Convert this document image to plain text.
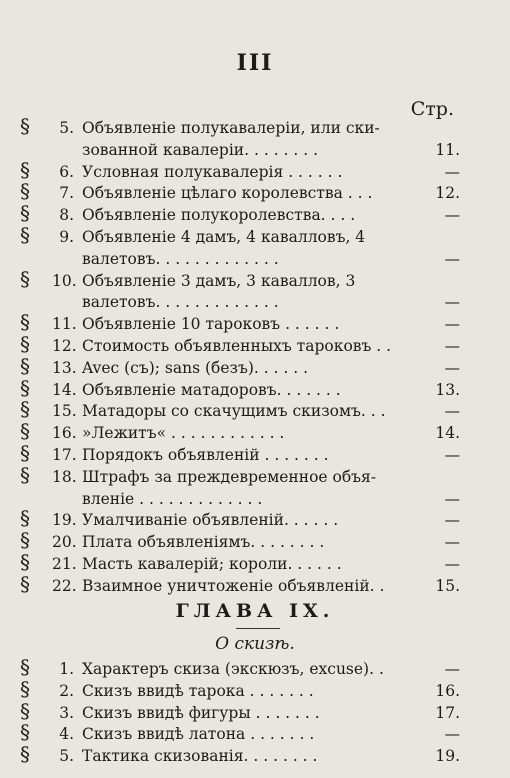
III
Стр.
§	5. Объявленіе полукавалеріи, или ски-
зованной кавалеріи. . . . . . . .	11.
§	6. Условная полукавалерія . . . . . .	—
§	7. Объявленіе цѣлаго королевства . . .	12.
§	8. Объявленіе полукоролевства. . . .	—
§	9. Объявленіе 4 дамъ, 4 кавалловъ, 4
валетовъ. . . . . . . . . . . . .	—
§	10. Объявленіе 3 дамъ, 3 каваллов, 3
валетовъ. . . . . . . . . . . . .	—
§	11. Объявленіе 10 тароковъ . . . . . .	—
§	12. Стоимость объявленныхъ тароковъ . .	—
§	13. Avec (съ); sans (безъ). . . . . .	—
§	14. Объявленіе матадоровъ. . . . . . .	13.
§	15. Матадоры со скачущимъ скизомъ. . .	—
§	16. »Лежитъ« . . . . . . . . . . . .	14.
§	17. Порядокъ объявленій . . . . . . .	—
§	18. Штрафъ за преждевременное объя-
вленіе . . . . . . . . . . . . .	—
§	19. Умалчиваніе объявленій. . . . . .	—
§	20. Плата объявленіямъ. . . . . . . .	—
§	21. Масть кавалерій; короли. . . . . .	—
§	22. Взаимное уничтоженіе объявленій. .	15.
§	1. Характеръ скиза (экскюзъ, excuse). .	—
§	2. Скизъ ввидѣ тарока . . . . . . .	16.
§	3. Скизъ ввидѣ фигуры . . . . . . .	17.
§	4. Скизъ ввидѣ латона . . . . . . .	—
§	5. Тактика скизованія. . . . . . . .	19.
ГЛАВА IX.
О скизѣ.
